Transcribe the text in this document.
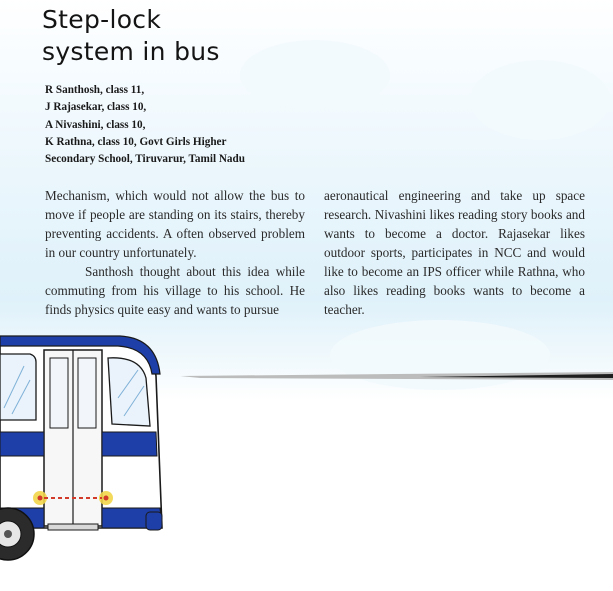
Step-lock
system in bus
R Santhosh, class 11,
J Rajasekar, class 10,
A Nivashini, class 10,
K Rathna, class 10, Govt Girls Higher
Secondary School, Tiruvarur, Tamil Nadu

Mechanism, which would not allow the bus to move if people are standing on its stairs, thereby preventing accidents. A often observed problem in our country unfortunately.

Santhosh thought about this idea while commuting from his village to his school. He finds physics quite easy and wants to pursue

aeronautical engineering and take up space research. Nivashini likes reading story books and wants to become a doctor. Rajasekar likes outdoor sports, participates in NCC and would like to become an IPS officer while Rathna, who also likes reading books wants to become a teacher.
